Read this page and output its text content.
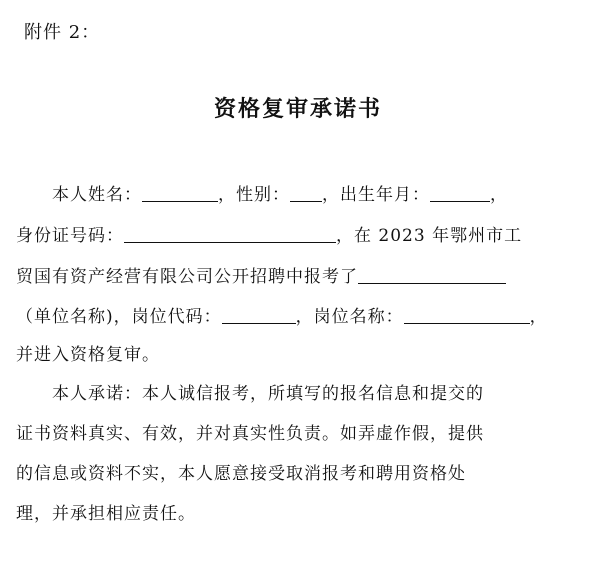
附件 2：
资格复审承诺书
　　本人姓名：	，性别： ，出生年月：	，
身份证号码：	，在 2023 年鄂州市工
贸国有资产经营有限公司公开招聘中报考了
（单位名称)，岗位代码：	，岗位名称：	，
并进入资格复审。
　　本人承诺：本人诚信报考，所填写的报名信息和提交的
证书资料真实、有效，并对真实性负责。如弄虚作假，提供
的信息或资料不实，本人愿意接受取消报考和聘用资格处
理，并承担相应责任。
